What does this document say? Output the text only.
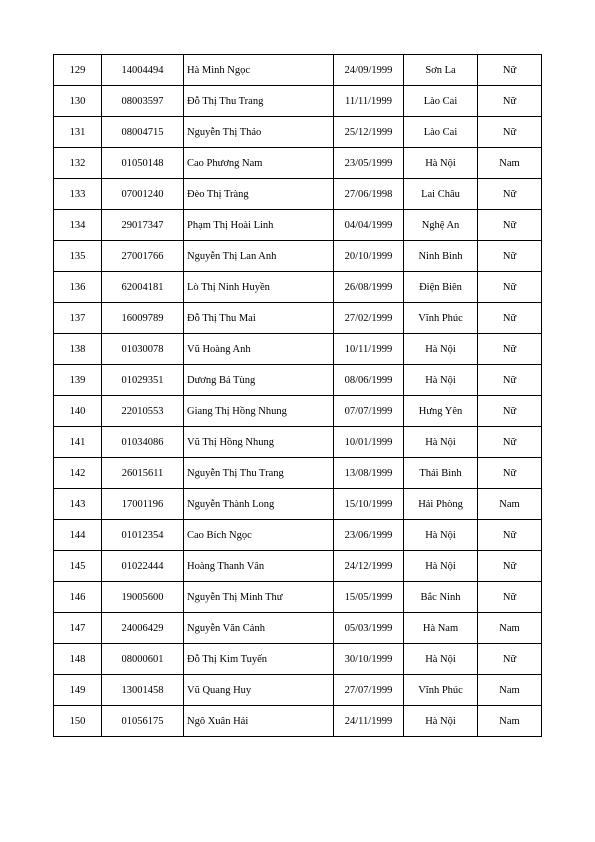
129	14004494	Hà Minh Ngọc	24/09/1999	Sơn La	Nữ
130	08003597	Đỗ Thị Thu Trang	11/11/1999	Lào Cai	Nữ
131	08004715	Nguyễn Thị Thảo	25/12/1999	Lào Cai	Nữ
132	01050148	Cao Phương Nam	23/05/1999	Hà Nội	Nam
133	07001240	Đèo Thị Tràng	27/06/1998	Lai Châu	Nữ
134	29017347	Phạm Thị Hoài Linh	04/04/1999	Nghệ An	Nữ
135	27001766	Nguyễn Thị Lan Anh	20/10/1999	Ninh Bình	Nữ
136	62004181	Lò Thị Ninh Huyền	26/08/1999	Điện Biên	Nữ
137	16009789	Đỗ Thị Thu Mai	27/02/1999	Vĩnh Phúc	Nữ
138	01030078	Vũ Hoàng Anh	10/11/1999	Hà Nội	Nữ
139	01029351	Dương Bá Tùng	08/06/1999	Hà Nội	Nữ
140	22010553	Giang Thị Hồng Nhung	07/07/1999	Hưng Yên	Nữ
141	01034086	Vũ Thị Hồng Nhung	10/01/1999	Hà Nội	Nữ
142	26015611	Nguyễn Thị Thu Trang	13/08/1999	Thái Bình	Nữ
143	17001196	Nguyễn Thành Long	15/10/1999	Hải Phòng	Nam
144	01012354	Cao Bích Ngọc	23/06/1999	Hà Nội	Nữ
145	01022444	Hoàng Thanh Vân	24/12/1999	Hà Nội	Nữ
146	19005600	Nguyễn Thị Minh Thư	15/05/1999	Bắc Ninh	Nữ
147	24006429	Nguyễn Văn Cảnh	05/03/1999	Hà Nam	Nam
148	08000601	Đỗ Thị Kim Tuyến	30/10/1999	Hà Nội	Nữ
149	13001458	Vũ Quang Huy	27/07/1999	Vĩnh Phúc	Nam
150	01056175	Ngô Xuân Hải	24/11/1999	Hà Nội	Nam
